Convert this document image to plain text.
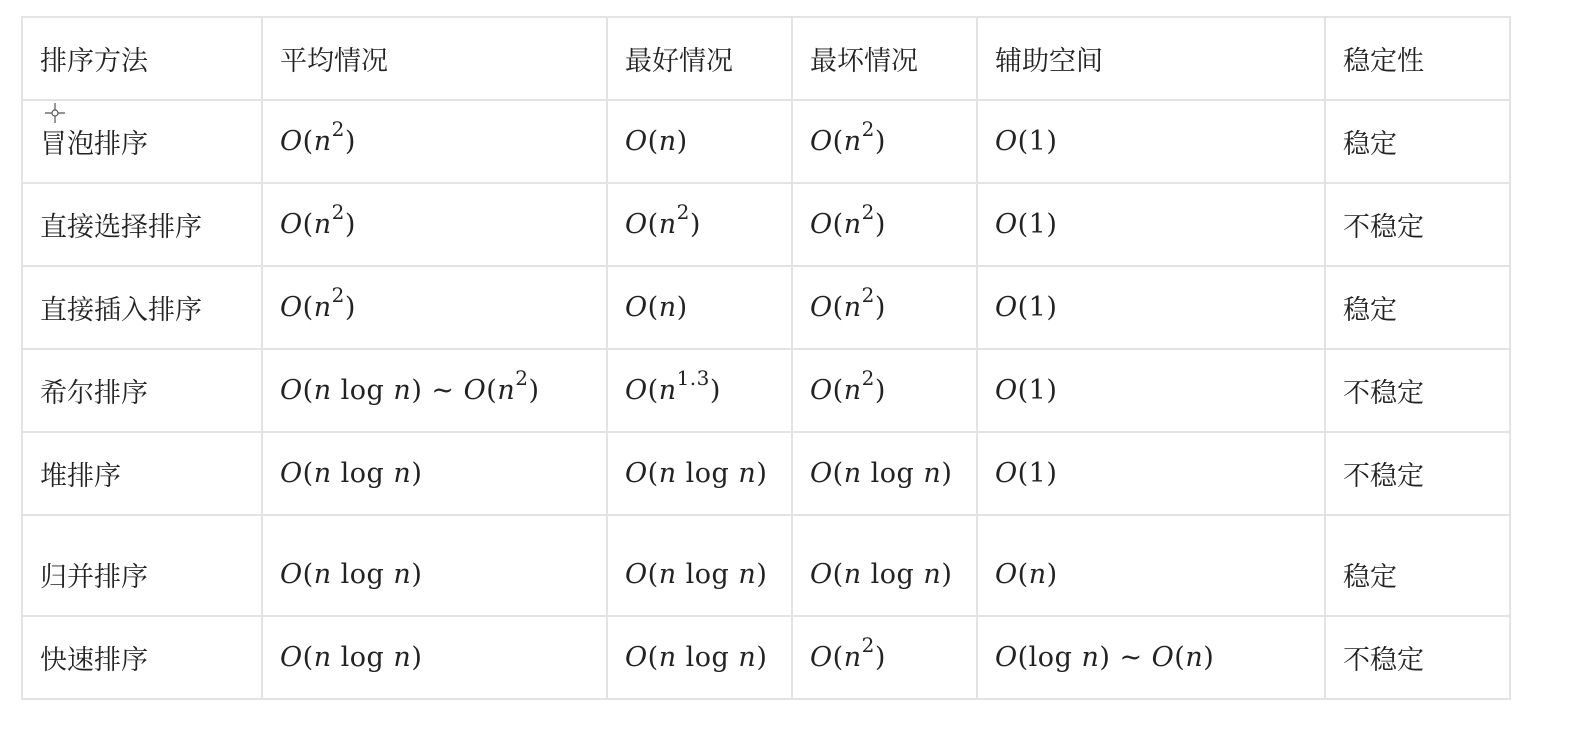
排序方法	平均情况	最好情况	最坏情况	辅助空间	稳定性
冒泡排序	$O(n^2)$	O(n)	$O(n^2)$	O(1)	稳定
直接选择排序	$O(n^2)$	$O(n^2)$	$O(n^2)$	O(1)	不稳定
直接插入排序	$O(n^2)$	O(n)	$O(n^2)$	O(1)	稳定
希尔排序	O(n log n) ~ $O(n^2)$	$O(n^{1.3})$	$O(n^2)$	O(1)	不稳定
堆排序	O(n log n)	O(n log n)	O(n log n)	O(1)	不稳定

归并排序	O(n log n)	O(n log n)	O(n log n)	O(n)	稳定
快速排序	O(n log n)	O(n log n)	$O(n^2)$	O(log n) ~ O(n)	不稳定
